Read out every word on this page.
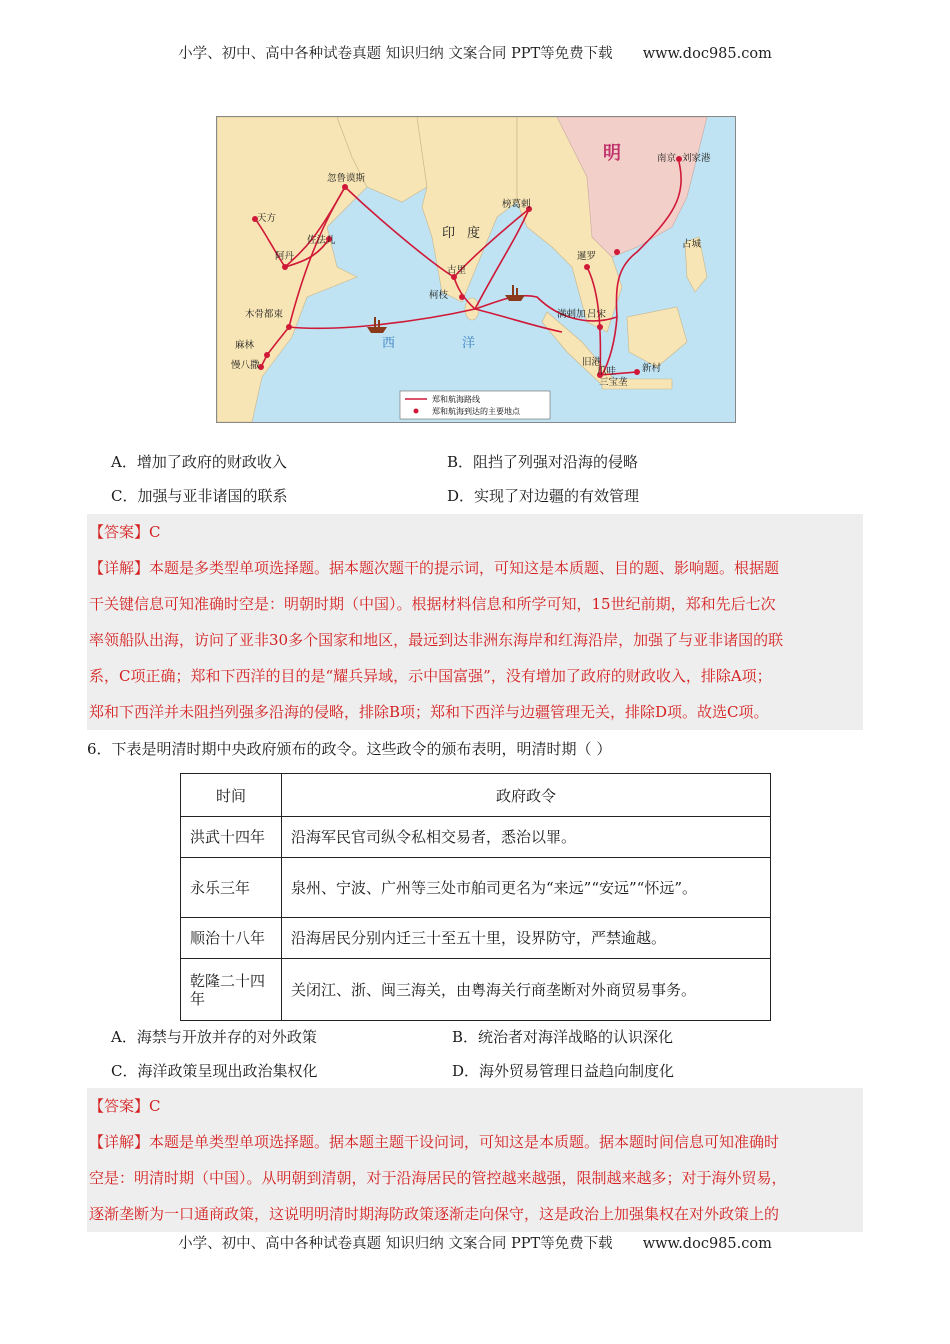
小学、初中、高中各种试卷真题 知识归纳 文案合同 PPT等免费下载 www.doc985.com
南京 刘家港
忽鲁谟斯
天方
阿丹
佐法儿
木骨都束
麻林
慢八撒
古里
柯枝
榜葛剌
暹罗
占城
满剌加
旧港
爪哇
三宝垄
新村
吕宋
明
印 度
西	洋
郑和航海路线
郑和航海到达的主要地点
A．增加了政府的财政收入	B．阻挡了列强对沿海的侵略
C．加强与亚非诸国的联系	D．实现了对边疆的有效管理

【答案】C

【详解】本题是多类型单项选择题。据本题次题干的提示词，可知这是本质题、目的题、影响题。根据题

干关键信息可知准确时空是：明朝时期（中国）。根据材料信息和所学可知，15世纪前期，郑和先后七次

率领船队出海，访问了亚非30多个国家和地区，最远到达非洲东海岸和红海沿岸，加强了与亚非诸国的联

系，C项正确；郑和下西洋的目的是“耀兵异域，示中国富强”，没有增加了政府的财政收入，排除A项；

郑和下西洋并未阻挡列强多沿海的侵略，排除B项；郑和下西洋与边疆管理无关，排除D项。故选C项。

6．下表是明清时期中央政府颁布的政令。这些政令的颁布表明，明清时期（ ）
时间	政府政令
洪武十四年	沿海军民官司纵令私相交易者，悉治以罪。
永乐三年	泉州、宁波、广州等三处市舶司更名为“来远”“安远”“怀远”。
顺治十八年	沿海居民分别内迁三十至五十里，设界防守，严禁逾越。
乾隆二十四年	关闭江、浙、闽三海关，由粤海关行商垄断对外商贸易事务。
A．海禁与开放并存的对外政策	B．统治者对海洋战略的认识深化
C．海洋政策呈现出政治集权化	D．海外贸易管理日益趋向制度化

【答案】C

【详解】本题是单类型单项选择题。据本题主题干设问词，可知这是本质题。据本题时间信息可知准确时

空是：明清时期（中国）。从明朝到清朝，对于沿海居民的管控越来越强，限制越来越多；对于海外贸易，

逐渐垄断为一口通商政策，这说明明清时期海防政策逐渐走向保守，这是政治上加强集权在对外政策上的

小学、初中、高中各种试卷真题 知识归纳 文案合同 PPT等免费下载 www.doc985.com
